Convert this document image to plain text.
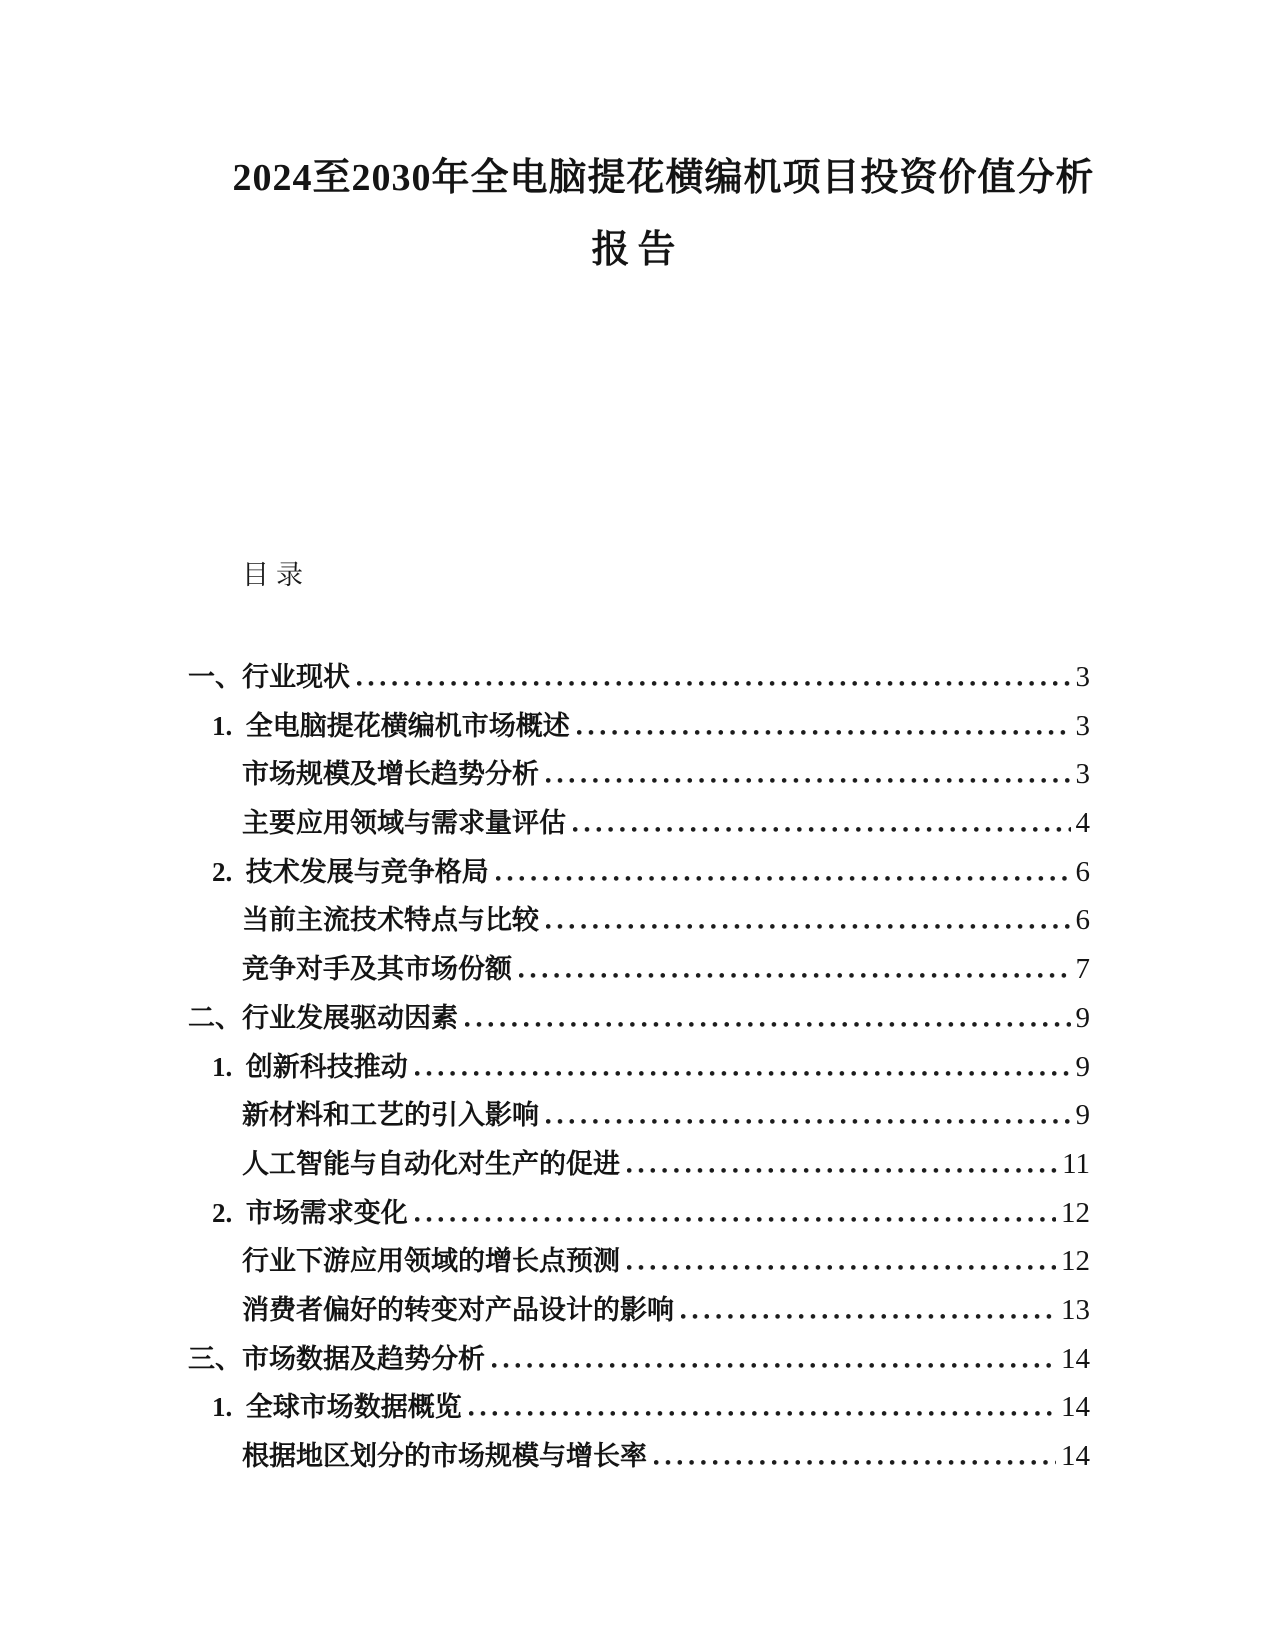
2024至2030年全电脑提花横编机项目投资价值分析
报告
目录
一、行业现状	3
1.  全电脑提花横编机市场概述	3
市场规模及增长趋势分析	3
主要应用领域与需求量评估	4
2.  技术发展与竞争格局	6
当前主流技术特点与比较	6
竞争对手及其市场份额	7
二、行业发展驱动因素	9
1.  创新科技推动	9
新材料和工艺的引入影响	9
人工智能与自动化对生产的促进	11
2.  市场需求变化	12
行业下游应用领域的增长点预测	12
消费者偏好的转变对产品设计的影响	13
三、市场数据及趋势分析	14
1.  全球市场数据概览	14
根据地区划分的市场规模与增长率	14
